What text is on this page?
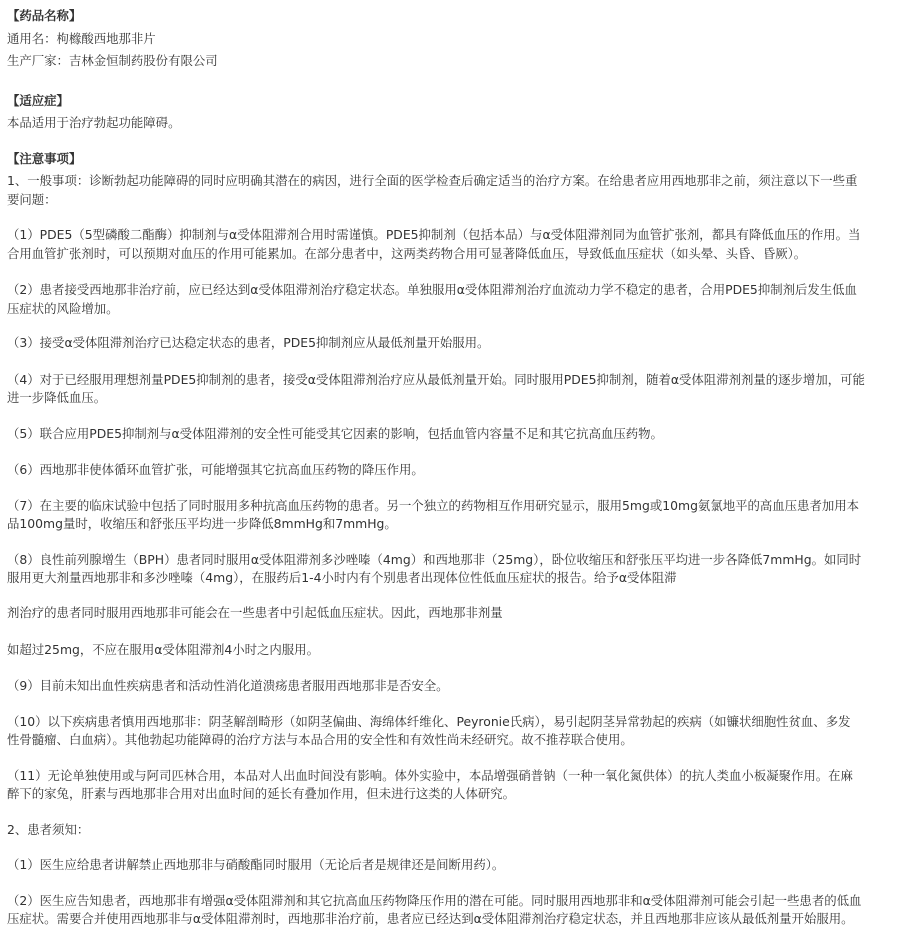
【药品名称】
通用名：枸橼酸西地那非片
生产厂家：吉林金恒制药股份有限公司
【适应症】
本品适用于治疗勃起功能障碍。
【注意事项】
1、一般事项：诊断勃起功能障碍的同时应明确其潜在的病因，进行全面的医学检查后确定适当的治疗方案。在给患者应用西地那非之前，须注意以下一些重
要问题：
（1）PDE5（5型磷酸二酯酶）抑制剂与α受体阻滞剂合用时需谨慎。PDE5抑制剂（包括本品）与α受体阻滞剂同为血管扩张剂，都具有降低血压的作用。当
合用血管扩张剂时，可以预期对血压的作用可能累加。在部分患者中，这两类药物合用可显著降低血压，导致低血压症状（如头晕、头昏、昏厥）。
（2）患者接受西地那非治疗前，应已经达到α受体阻滞剂治疗稳定状态。单独服用α受体阻滞剂治疗血流动力学不稳定的患者，合用PDE5抑制剂后发生低血
压症状的风险增加。
（3）接受α受体阻滞剂治疗已达稳定状态的患者，PDE5抑制剂应从最低剂量开始服用。
（4）对于已经服用理想剂量PDE5抑制剂的患者，接受α受体阻滞剂治疗应从最低剂量开始。同时服用PDE5抑制剂，随着α受体阻滞剂剂量的逐步增加，可能
进一步降低血压。
（5）联合应用PDE5抑制剂与α受体阻滞剂的安全性可能受其它因素的影响，包括血管内容量不足和其它抗高血压药物。
（6）西地那非使体循环血管扩张，可能增强其它抗高血压药物的降压作用。
（7）在主要的临床试验中包括了同时服用多种抗高血压药物的患者。另一个独立的药物相互作用研究显示，服用5mg或10mg氨氯地平的高血压患者加用本
品100mg量时，收缩压和舒张压平均进一步降低8mmHg和7mmHg。
（8）良性前列腺增生（BPH）患者同时服用α受体阻滞剂多沙唑嗪（4mg）和西地那非（25mg），卧位收缩压和舒张压平均进一步各降低7mmHg。如同时
服用更大剂量西地那非和多沙唑嗪（4mg），在服药后1-4小时内有个别患者出现体位性低血压症状的报告。给予α受体阻滞
剂治疗的患者同时服用西地那非可能会在一些患者中引起低血压症状。因此，西地那非剂量
如超过25mg，不应在服用α受体阻滞剂4小时之内服用。
（9）目前未知出血性疾病患者和活动性消化道溃疡患者服用西地那非是否安全。
（10）以下疾病患者慎用西地那非：阴茎解剖畸形（如阴茎偏曲、海绵体纤维化、Peyronie氏病），易引起阴茎异常勃起的疾病（如镰状细胞性贫血、多发
性骨髓瘤、白血病）。其他勃起功能障碍的治疗方法与本品合用的安全性和有效性尚未经研究。故不推荐联合使用。
（11）无论单独使用或与阿司匹林合用，本品对人出血时间没有影响。体外实验中，本品增强硝普钠（一种一氧化氮供体）的抗人类血小板凝聚作用。在麻
醉下的家兔，肝素与西地那非合用对出血时间的延长有叠加作用，但未进行这类的人体研究。
2、患者须知：
（1）医生应给患者讲解禁止西地那非与硝酸酯同时服用（无论后者是规律还是间断用药）。
（2）医生应告知患者，西地那非有增强α受体阻滞剂和其它抗高血压药物降压作用的潜在可能。同时服用西地那非和α受体阻滞剂可能会引起一些患者的低血
压症状。需要合并使用西地那非与α受体阻滞剂时，西地那非治疗前，患者应已经达到α受体阻滞剂治疗稳定状态，并且西地那非应该从最低剂量开始服用。
